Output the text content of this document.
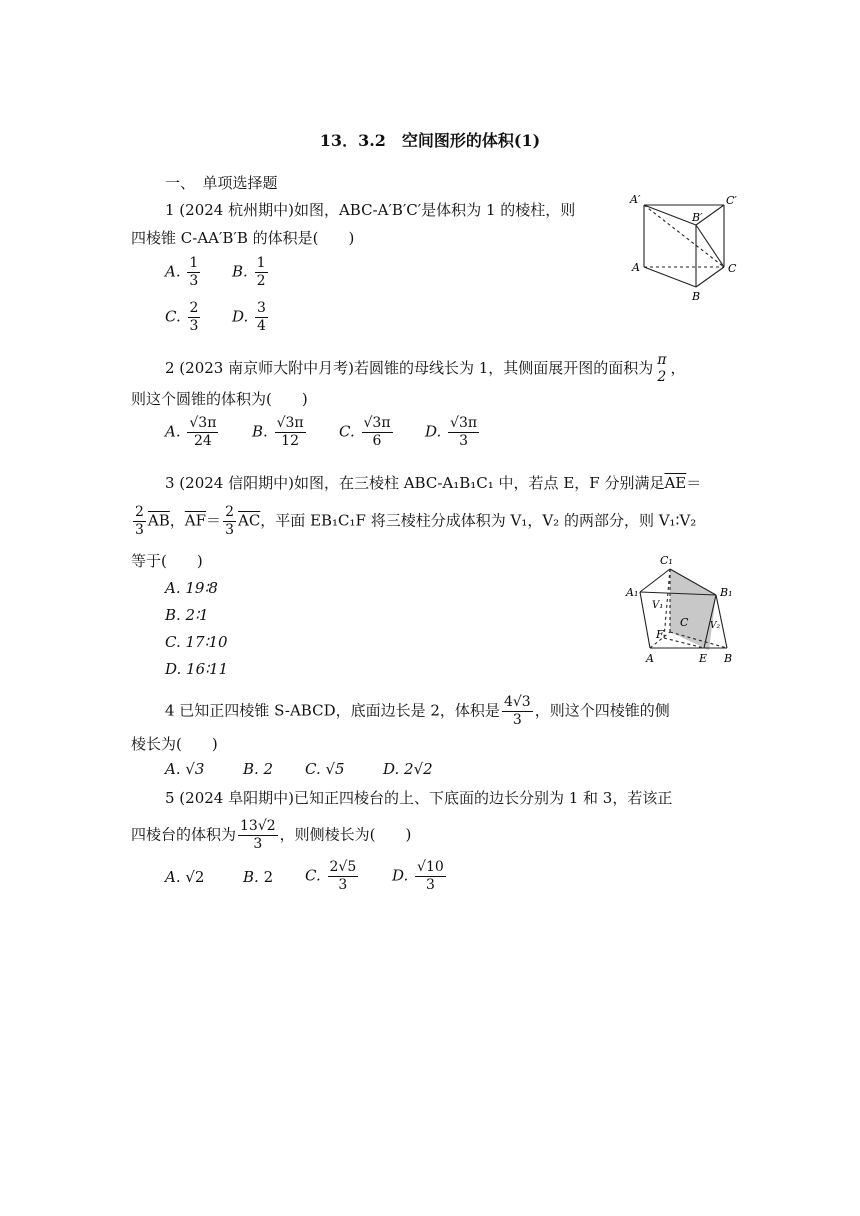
13．3.2　空间图形的体积(1)
一、　单项选择题
1 (2024 杭州期中)如图，ABC-A′B′C′是体积为 1 的棱柱，则
四棱锥 C-AA′B′B 的体积是(　　)
A. $\frac{1}{3} B$. $\frac{1}{2}$
C. $\frac{2}{3} D$. $\frac{3}{4}$
A′	C′
B′
A	C
B
2 (2023 南京师大附中月考)若圆锥的母线长为 1，其侧面展开图的面积为 π
2 ，
则这个圆锥的体积为(　　)
A. $\frac{√3\pi}{24} B$. $\frac{√3\pi}{12} C$. $\frac{√3\pi}{6} D$. $\frac{√3\pi}{3}$
3 (2024 信阳期中)如图，在三棱柱 ABC-A₁B₁C₁ 中，若点 E，F 分别满足$\overline{AE}=$
$\frac{2}{3} \overline{AB}$，$\overline{AF}= \frac{2}{3} \overline{AC}$，平面 EB₁C₁F 将三棱柱分成体积为 V₁，V₂ 的两部分，则 V₁∶V₂
等于(　　)
A. 19∶8
B. 2∶1
C. 17∶10
D. 16∶11
C₁
A₁	B₁
V₁
V₂
C
F
A	E B
4 已知正四棱锥 S-ABCD，底面边长是 2，体积是 $\frac{4√3}{3}$ ，则这个四棱锥的侧
棱长为(　　)
A. √3	B. 2 C. √5	D. 2√2
5 (2024 阜阳期中)已知正四棱台的上、下底面的边长分别为 1 和 3，若该正
四棱台的体积为 $\frac{13√2}{3}$ ，则侧棱长为(　　)
A. √2	B. 2 C. $\frac{2√5}{3} D$. $\frac{√10}{3}$
